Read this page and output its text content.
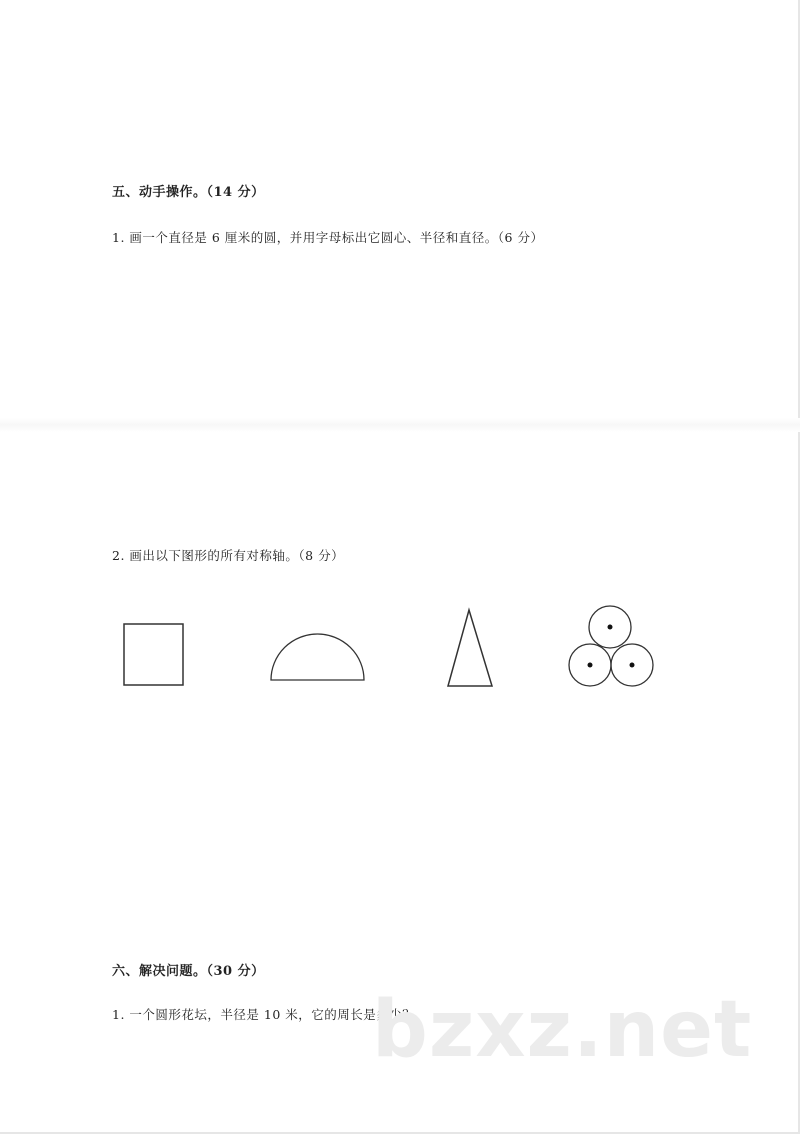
五、动手操作。（14 分）
1. 画一个直径是 6 厘米的圆，并用字母标出它圆心、半径和直径。（6 分）
2. 画出以下图形的所有对称轴。（8 分）
六、解决问题。（30 分）
1. 一个圆形花坛，半径是 10 米，它的周长是多少？
bzxz.net
